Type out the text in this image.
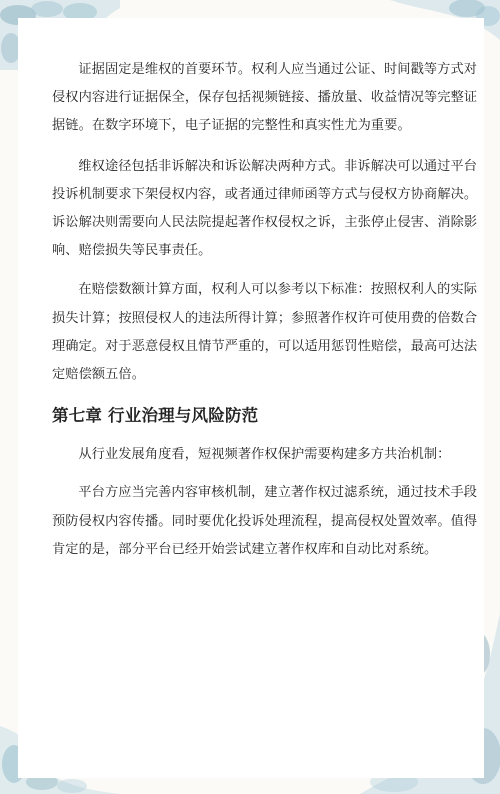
证据固定是维权的首要环节。权利人应当通过公证、时间戳等方式对侵权内容进行证据保全，保存包括视频链接、播放量、收益情况等完整证据链。在数字环境下，电子证据的完整性和真实性尤为重要。

维权途径包括非诉解决和诉讼解决两种方式。非诉解决可以通过平台投诉机制要求下架侵权内容，或者通过律师函等方式与侵权方协商解决。诉讼解决则需要向人民法院提起著作权侵权之诉，主张停止侵害、消除影响、赔偿损失等民事责任。

在赔偿数额计算方面，权利人可以参考以下标准：按照权利人的实际损失计算；按照侵权人的违法所得计算；参照著作权许可使用费的倍数合理确定。对于恶意侵权且情节严重的，可以适用惩罚性赔偿，最高可达法定赔偿额五倍。

第七章 行业治理与风险防范

从行业发展角度看，短视频著作权保护需要构建多方共治机制：

平台方应当完善内容审核机制，建立著作权过滤系统，通过技术手段预防侵权内容传播。同时要优化投诉处理流程，提高侵权处置效率。值得肯定的是，部分平台已经开始尝试建立著作权库和自动比对系统。
